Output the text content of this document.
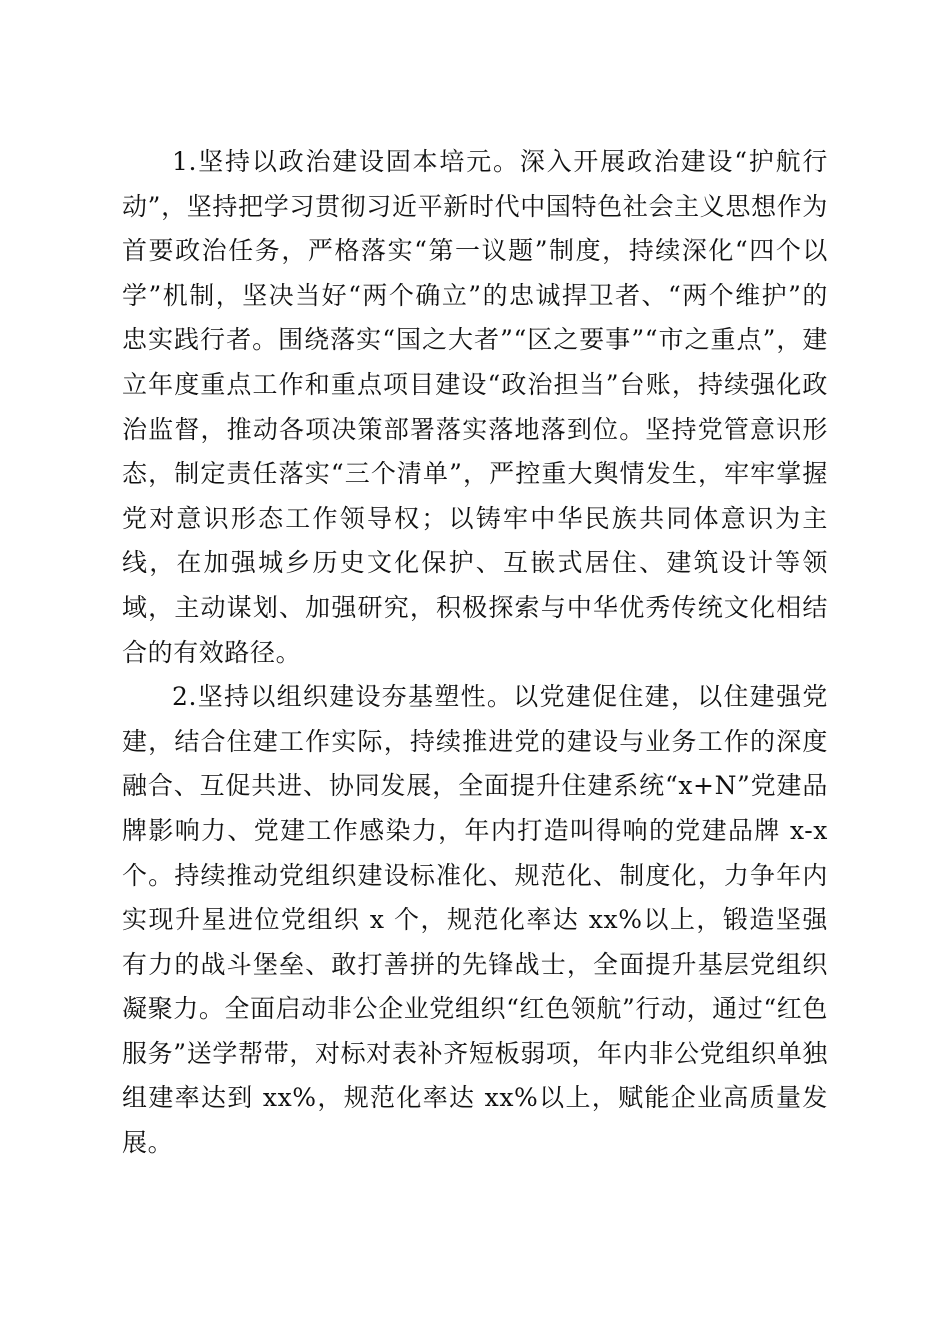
1.坚持以政治建设固本培元。深入开展政治建设“护航行动”，坚持把学习贯彻习近平新时代中国特色社会主义思想作为首要政治任务，严格落实“第一议题”制度，持续深化“四个以学”机制，坚决当好“两个确立”的忠诚捍卫者、“两个维护”的忠实践行者。围绕落实“国之大者”“区之要事”“市之重点”，建立年度重点工作和重点项目建设“政治担当”台账，持续强化政治监督，推动各项决策部署落实落地落到位。坚持党管意识形态，制定责任落实“三个清单”，严控重大舆情发生，牢牢掌握党对意识形态工作领导权；以铸牢中华民族共同体意识为主线，在加强城乡历史文化保护、互嵌式居住、建筑设计等领域，主动谋划、加强研究，积极探索与中华优秀传统文化相结合的有效路径。

2.坚持以组织建设夯基塑性。以党建促住建，以住建强党建，结合住建工作实际，持续推进党的建设与业务工作的深度融合、互促共进、协同发展，全面提升住建系统“x+N”党建品牌影响力、党建工作感染力，年内打造叫得响的党建品牌 x-x 个。持续推动党组织建设标准化、规范化、制度化，力争年内实现升星进位党组织 x 个，规范化率达 xx%以上，锻造坚强有力的战斗堡垒、敢打善拼的先锋战士，全面提升基层党组织凝聚力。全面启动非公企业党组织“红色领航”行动，通过“红色服务”送学帮带，对标对表补齐短板弱项，年内非公党组织单独组建率达到 xx%，规范化率达 xx%以上，赋能企业高质量发展。
